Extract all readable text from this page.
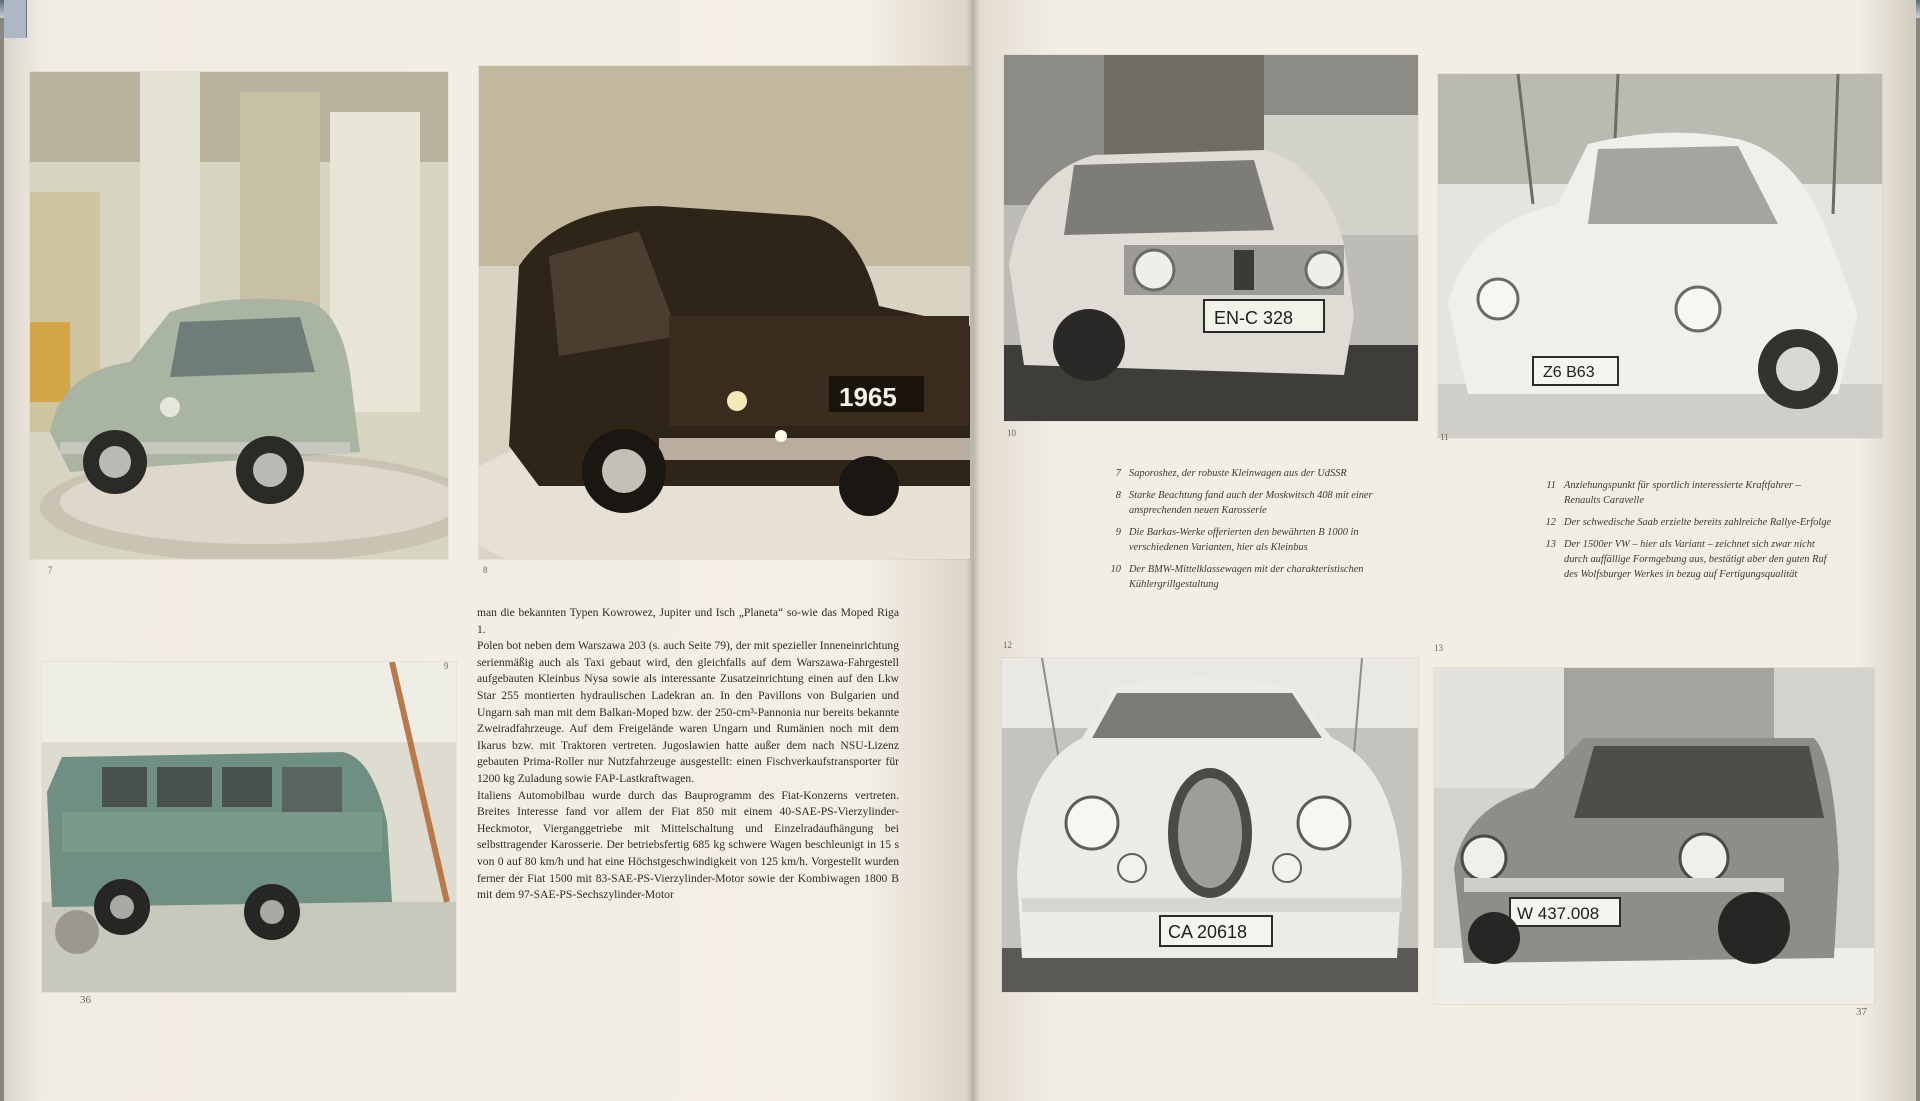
7
1965
8
9

man die bekannten Typen Kowrowez, Jupiter und Isch „Planeta“ so-wie das Moped Riga 1.

Polen bot neben dem Warszawa 203 (s. auch Seite 79), der mit spezieller Inneneinrichtung serienmäßig auch als Taxi gebaut wird, den gleichfalls auf dem Warszawa-Fahrgestell aufgebauten Kleinbus Nysa sowie als interessante Zusatzeinrichtung einen auf den Lkw Star 255 montierten hydraulischen Ladekran an. In den Pavillons von Bulgarien und Ungarn sah man mit dem Balkan-Moped bzw. der 250-cm³-Pannonia nur bereits bekannte Zweiradfahrzeuge. Auf dem Freigelände waren Ungarn und Rumänien noch mit dem Ikarus bzw. mit Traktoren vertreten. Jugoslawien hatte außer dem nach NSU-Lizenz gebauten Prima-Roller nur Nutzfahrzeuge ausgestellt: einen Fischverkaufstransporter für 1200 kg Zuladung sowie FAP-Lastkraftwagen.

Italiens Automobilbau wurde durch das Bauprogramm des Fiat-Konzerns vertreten. Breites Interesse fand vor allem der Fiat 850 mit einem 40-SAE-PS-Vierzylinder-Heckmotor, Vierganggetriebe mit Mittelschaltung und Einzelradaufhängung bei selbsttragender Karosserie. Der betriebsfertig 685 kg schwere Wagen beschleunigt in 15 s von 0 auf 80 km/h und hat eine Höchstgeschwindigkeit von 125 km/h. Vorgestellt wurden ferner der Fiat 1500 mit 83-SAE-PS-Vierzylinder-Motor sowie der Kombiwagen 1800 B mit dem 97-SAE-PS-Sechszylinder-Motor

36
EN-C 328
10
Z6 B63
11
7 Saporoshez, der robuste Kleinwagen aus der UdSSR
8 Starke Beachtung fand auch der Moskwitsch 408 mit einer ansprechenden neuen Karosserie
9 Die Barkas-Werke offerierten den bewährten B 1000 in verschiedenen Varianten, hier als Kleinbus
10 Der BMW-Mittelklassewagen mit der charakteristischen Kühlergrillgestaltung
11 Anziehungspunkt für sportlich interessierte Kraftfahrer – Renaults Caravelle
12 Der schwedische Saab erzielte bereits zahlreiche Rallye-Erfolge
13 Der 1500er VW – hier als Variant – zeichnet sich zwar nicht durch auffällige Formgebung aus, bestätigt aber den guten Ruf des Wolfsburger Werkes in bezug auf Fertigungsqualität
12	13
CA 20618
W 437.008
37
